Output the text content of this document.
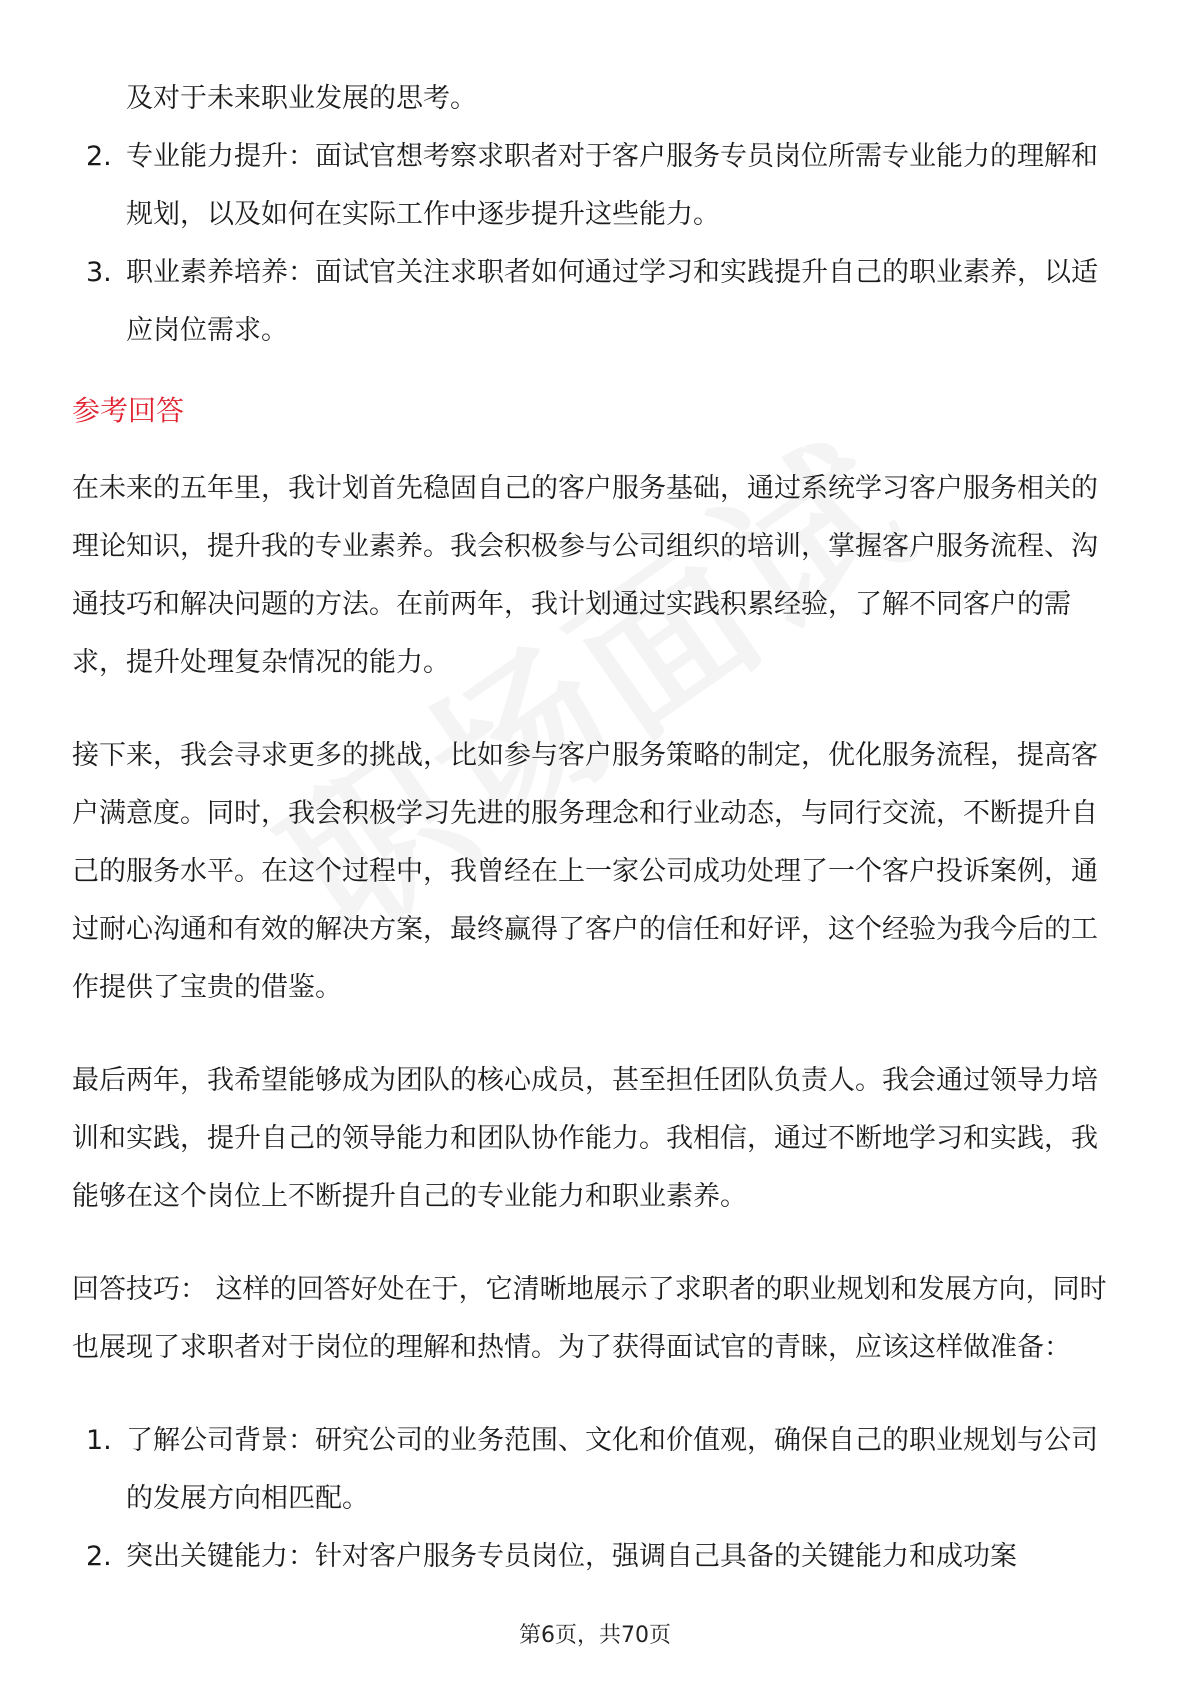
及对于未来职业发展的思考。

2. 专业能力提升：面试官想考察求职者对于客户服务专员岗位所需专业能力的理解和规划，以及如何在实际工作中逐步提升这些能力。
3. 职业素养培养：面试官关注求职者如何通过学习和实践提升自己的职业素养，以适应岗位需求。
参考回答

在未来的五年里，我计划首先稳固自己的客户服务基础，通过系统学习客户服务相关的理论知识，提升我的专业素养。我会积极参与公司组织的培训，掌握客户服务流程、沟通技巧和解决问题的方法。在前两年，我计划通过实践积累经验，了解不同客户的需求，提升处理复杂情况的能力。

接下来，我会寻求更多的挑战，比如参与客户服务策略的制定，优化服务流程，提高客户满意度。同时，我会积极学习先进的服务理念和行业动态，与同行交流，不断提升自己的服务水平。在这个过程中，我曾经在上一家公司成功处理了一个客户投诉案例，通过耐心沟通和有效的解决方案，最终赢得了客户的信任和好评，这个经验为我今后的工作提供了宝贵的借鉴。

最后两年，我希望能够成为团队的核心成员，甚至担任团队负责人。我会通过领导力培训和实践，提升自己的领导能力和团队协作能力。我相信，通过不断地学习和实践，我能够在这个岗位上不断提升自己的专业能力和职业素养。

回答技巧： 这样的回答好处在于，它清晰地展示了求职者的职业规划和发展方向，同时也展现了求职者对于岗位的理解和热情。为了获得面试官的青睐，应该这样做准备：

1. 了解公司背景：研究公司的业务范围、文化和价值观，确保自己的职业规划与公司的发展方向相匹配。
2. 突出关键能力：针对客户服务专员岗位，强调自己具备的关键能力和成功案
第6页，共70页
